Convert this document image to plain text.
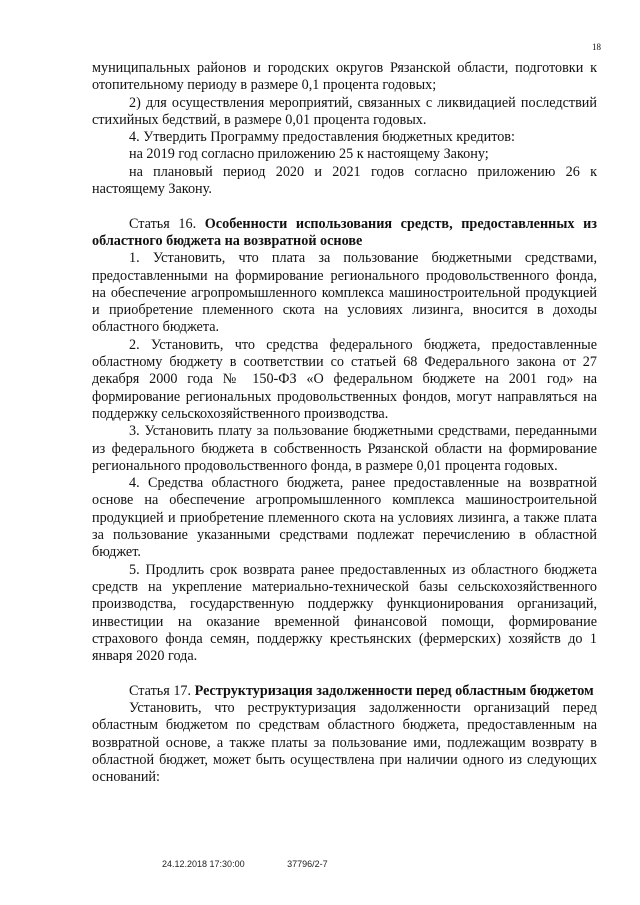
18

муниципальных районов и городских округов Рязанской области, подготовки к отопительному периоду в размере 0,1 процента годовых;

2) для осуществления мероприятий, связанных с ликвидацией последствий стихийных бедствий, в размере 0,01 процента годовых.

4. Утвердить Программу предоставления бюджетных кредитов:

на 2019 год согласно приложению 25 к настоящему Закону;

на плановый период 2020 и 2021 годов согласно приложению 26 к настоящему Закону.

Статья 16. Особенности использования средств, предоставленных из областного бюджета на возвратной основе

1. Установить, что плата за пользование бюджетными средствами, предоставленными на формирование регионального продовольственного фонда, на обеспечение агропромышленного комплекса машиностроительной продукцией и приобретение племенного скота на условиях лизинга, вносится в доходы областного бюджета.

2. Установить, что средства федерального бюджета, предоставленные областному бюджету в соответствии со статьей 68 Федерального закона от 27 декабря 2000 года № 150-ФЗ «О федеральном бюджете на 2001 год» на формирование региональных продовольственных фондов, могут направляться на поддержку сельскохозяйственного производства.

3. Установить плату за пользование бюджетными средствами, переданными из федерального бюджета в собственность Рязанской области на формирование регионального продовольственного фонда, в размере 0,01 процента годовых.

4. Средства областного бюджета, ранее предоставленные на возвратной основе на обеспечение агропромышленного комплекса машиностроительной продукцией и приобретение племенного скота на условиях лизинга, а также плата за пользование указанными средствами подлежат перечислению в областной бюджет.

5. Продлить срок возврата ранее предоставленных из областного бюджета средств на укрепление материально-технической базы сельскохозяйственного производства, государственную поддержку функционирования организаций, инвестиции на оказание временной финансовой помощи, формирование страхового фонда семян, поддержку крестьянских (фермерских) хозяйств до 1 января 2020 года.

Статья 17. Реструктуризация задолженности перед областным бюджетом

Установить, что реструктуризация задолженности организаций перед областным бюджетом по средствам областного бюджета, предоставленным на возвратной основе, а также платы за пользование ими, подлежащим возврату в областной бюджет, может быть осуществлена при наличии одного из следующих оснований:

24.12.2018 17:30:00	37796/2-7
